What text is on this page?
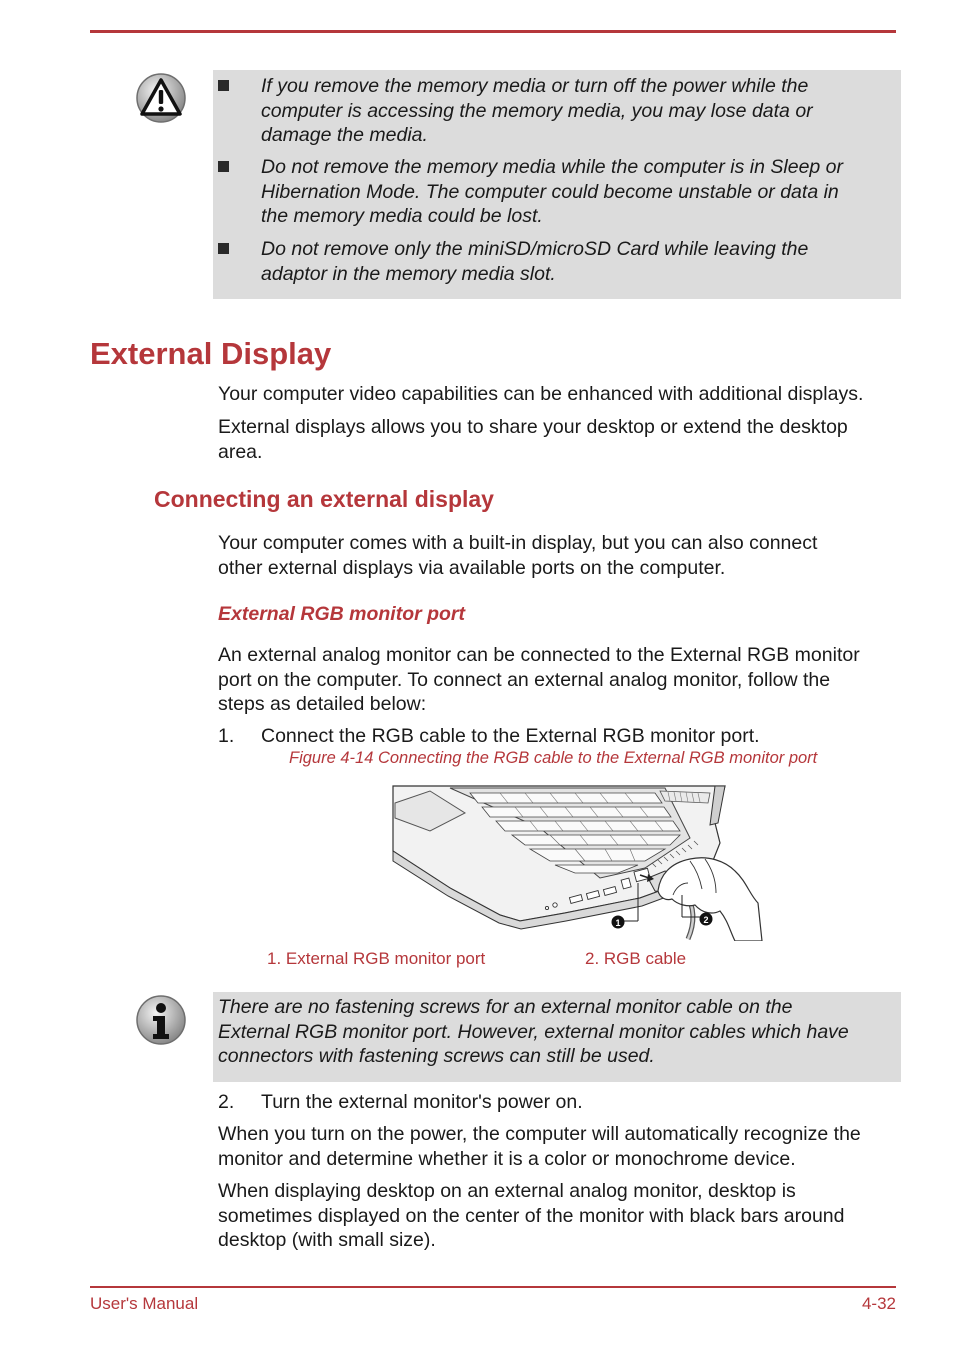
If you remove the memory media or turn off the power while the
computer is accessing the memory media, you may lose data or
damage the media.
Do not remove the memory media while the computer is in Sleep or
Hibernation Mode. The computer could become unstable or data in
the memory media could be lost.
Do not remove only the miniSD/microSD Card while leaving the
adaptor in the memory media slot.
External Display
Your computer video capabilities can be enhanced with additional displays.
External displays allows you to share your desktop or extend the desktop
area.
Connecting an external display
Your computer comes with a built-in display, but you can also connect
other external displays via available ports on the computer.
External RGB monitor port
An external analog monitor can be connected to the External RGB monitor
port on the computer. To connect an external analog monitor, follow the
steps as detailed below:
1. Connect the RGB cable to the External RGB monitor port.
Figure 4-14 Connecting the RGB cable to the External RGB monitor port
1	2
1. External RGB monitor port	2. RGB cable
There are no fastening screws for an external monitor cable on the
External RGB monitor port. However, external monitor cables which have
connectors with fastening screws can still be used.
2. Turn the external monitor's power on.
When you turn on the power, the computer will automatically recognize the
monitor and determine whether it is a color or monochrome device.
When displaying desktop on an external analog monitor, desktop is
sometimes displayed on the center of the monitor with black bars around
desktop (with small size).
User's Manual	4-32
